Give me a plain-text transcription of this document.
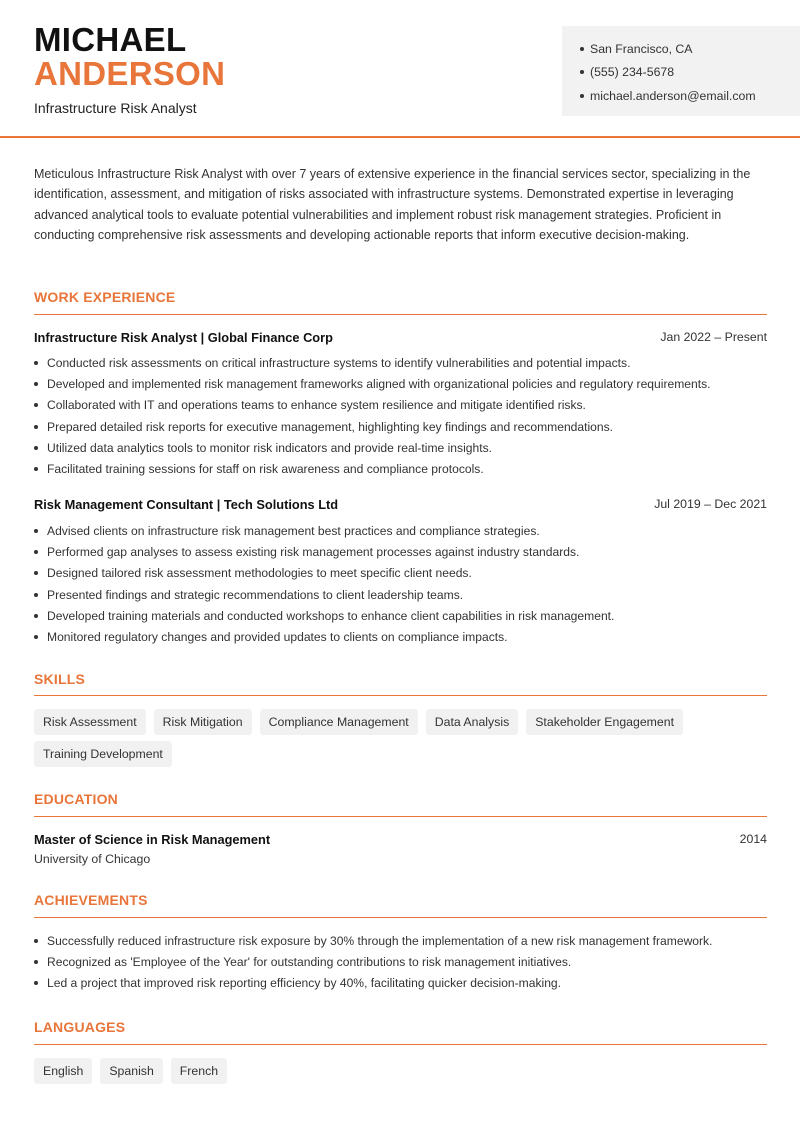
MICHAEL
ANDERSON
Infrastructure Risk Analyst
San Francisco, CA
(555) 234-5678
michael.anderson@email.com
Meticulous Infrastructure Risk Analyst with over 7 years of extensive experience in the financial services sector, specializing in the identification, assessment, and mitigation of risks associated with infrastructure systems. Demonstrated expertise in leveraging advanced analytical tools to evaluate potential vulnerabilities and implement robust risk management strategies. Proficient in conducting comprehensive risk assessments and developing actionable reports that inform executive decision-making.
WORK EXPERIENCE
Infrastructure Risk Analyst | Global Finance Corp	Jan 2022 – Present
Conducted risk assessments on critical infrastructure systems to identify vulnerabilities and potential impacts.
Developed and implemented risk management frameworks aligned with organizational policies and regulatory requirements.
Collaborated with IT and operations teams to enhance system resilience and mitigate identified risks.
Prepared detailed risk reports for executive management, highlighting key findings and recommendations.
Utilized data analytics tools to monitor risk indicators and provide real-time insights.
Facilitated training sessions for staff on risk awareness and compliance protocols.
Risk Management Consultant | Tech Solutions Ltd	Jul 2019 – Dec 2021
Advised clients on infrastructure risk management best practices and compliance strategies.
Performed gap analyses to assess existing risk management processes against industry standards.
Designed tailored risk assessment methodologies to meet specific client needs.
Presented findings and strategic recommendations to client leadership teams.
Developed training materials and conducted workshops to enhance client capabilities in risk management.
Monitored regulatory changes and provided updates to clients on compliance impacts.
SKILLS
Risk Assessment	Risk Mitigation	Compliance Management	Data Analysis	Stakeholder Engagement
Training Development
EDUCATION
Master of Science in Risk Management	2014
University of Chicago
ACHIEVEMENTS
Successfully reduced infrastructure risk exposure by 30% through the implementation of a new risk management framework.
Recognized as 'Employee of the Year' for outstanding contributions to risk management initiatives.
Led a project that improved risk reporting efficiency by 40%, facilitating quicker decision-making.
LANGUAGES
English	Spanish	French
